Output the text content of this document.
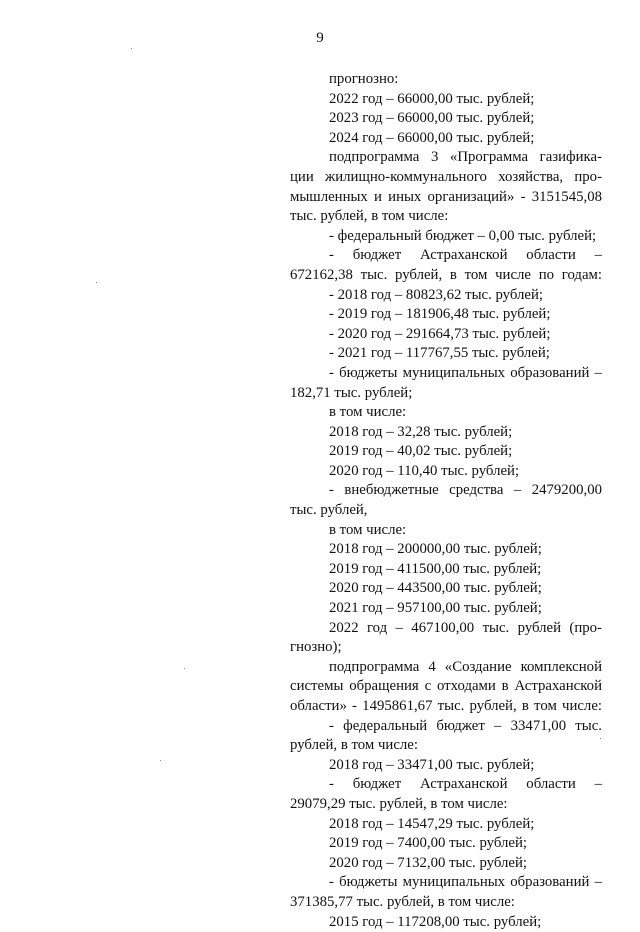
9

прогнозно:

2022 год – 66000,00 тыс. рублей;

2023 год – 66000,00 тыс. рублей;

2024 год – 66000,00 тыс. рублей;

подпрограмма 3 «Программа газифика-

ции жилищно-коммунального хозяйства, про-

мышленных и иных организаций» - 3151545,08

тыс. рублей, в том числе:

- федеральный бюджет – 0,00 тыс. рублей;

- бюджет Астраханской области –

672162,38 тыс. рублей, в том числе по годам:

- 2018 год – 80823,62 тыс. рублей;

- 2019 год – 181906,48 тыс. рублей;

- 2020 год – 291664,73 тыс. рублей;

- 2021 год – 117767,55 тыс. рублей;

- бюджеты муниципальных образований –

182,71 тыс. рублей;

в том числе:

2018 год – 32,28 тыс. рублей;

2019 год – 40,02 тыс. рублей;

2020 год – 110,40 тыс. рублей;

- внебюджетные средства – 2479200,00

тыс. рублей,

в том числе:

2018 год – 200000,00 тыс. рублей;

2019 год – 411500,00 тыс. рублей;

2020 год – 443500,00 тыс. рублей;

2021 год – 957100,00 тыс. рублей;

2022 год – 467100,00 тыс. рублей (про-

гнозно);

подпрограмма 4 «Создание комплексной

системы обращения с отходами в Астраханской

области» - 1495861,67 тыс. рублей, в том числе:

- федеральный бюджет – 33471,00 тыс.

рублей, в том числе:

2018 год – 33471,00 тыс. рублей;

- бюджет Астраханской области –

29079,29 тыс. рублей, в том числе:

2018 год – 14547,29 тыс. рублей;

2019 год – 7400,00 тыс. рублей;

2020 год – 7132,00 тыс. рублей;

- бюджеты муниципальных образований –

371385,77 тыс. рублей, в том числе:

2015 год – 117208,00 тыс. рублей;
